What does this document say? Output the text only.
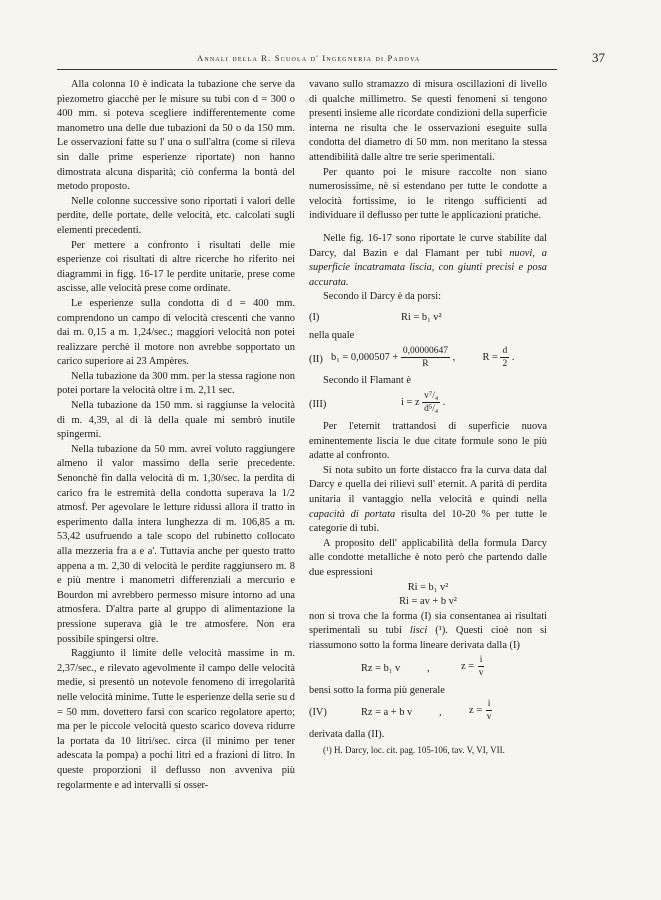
Annali della R. Scuola d' Ingegneria di Padova	37

Alla colonna 10 è indicata la tubazione che serve da piezometro giacchè per le misure su tubi con d = 300 o 400 mm. si poteva scegliere indifferentemente come manometro una delle due tubazioni da 50 o da 150 mm. Le osservazioni fatte su l' una o sull'altra (come si rileva sin dalle prime esperienze riportate) non hanno dimostrata alcuna disparità; ciò conferma la bontà del metodo proposto.

Nelle colonne successive sono riportati i valori delle perdite, delle portate, delle velocità, etc. calcolati sugli elementi precedenti.

Per mettere a confronto i risultati delle mie esperienze coi risultati di altre ricerche ho riferito nei diagrammi in figg. 16-17 le perdite unitarie, prese come ascisse, alle velocità prese come ordinate.

Le esperienze sulla condotta di d = 400 mm. comprendono un campo di velocità crescenti che vanno dai m. 0,15 a m. 1,24/sec.; maggiori velocità non potei realizzare perchè il motore non avrebbe sopportato un carico superiore ai 23 Ampères.

Nella tubazione da 300 mm. per la stessa ragione non potei portare la velocità oltre i m. 2,11 sec.

Nella tubazione da 150 mm. si raggiunse la velocità di m. 4,39, al di là della quale mi sembrò inutile spingermi.

Nella tubazione da 50 mm. avrei voluto raggiungere almeno il valor massimo della serie precedente. Senonchè fin dalla velocità di m. 1,30/sec. la perdita di carico fra le estremità della condotta superava la 1/2 atmosf. Per agevolare le letture ridussi allora il tratto in esperimento dalla intera lunghezza di m. 106,85 a m. 53,42 usufruendo a tale scopo del rubinetto collocato alla mezzeria fra a e a'. Tuttavia anche per questo tratto appena a m. 2,30 di velocità le perdite raggiunsero m. 8 e più mentre i manometri differenziali a mercurio e Bourdon mi avrebbero permesso misure intorno ad una atmosfera. D'altra parte al gruppo di alimentazione la pressione superava già le tre atmosfere. Non era possibile spingersi oltre.

Raggiunto il limite delle velocità massime in m. 2,37/sec., e rilevato agevolmente il campo delle velocità medie, si presentò un notevole fenomeno di irregolarità nelle velocità minime. Tutte le esperienze della serie su d = 50 mm. dovettero farsi con scarico regolatore aperto; ma per le piccole velocità questo scarico doveva ridurre la portata da 10 litri/sec. circa (il minimo per tener adescata la pompa) a pochi litri ed a frazioni di litro. In queste proporzioni il deflusso non avveniva più regolarmente e ad intervalli si osser-

vavano sullo stramazzo di misura oscillazioni di livello di qualche millimetro. Se questi fenomeni si tengono presenti insieme alle ricordate condizioni della superficie interna ne risulta che le osservazioni eseguite sulla condotta del diametro di 50 mm. non meritano la stessa attendibilità dalle altre tre serie sperimentali.

Per quanto poi le misure raccolte non siano numerosissime, nè si estendano per tutte le condotte a velocità fortissime, io le ritengo sufficienti ad individuare il deflusso per tutte le applicazioni pratiche.

Nelle fig. 16-17 sono riportate le curve stabilite dal Darcy, dal Bazin e dal Flamant per tubi nuovi, a superficie incatramata liscia, con giunti precisi e posa accurata.

Secondo il Darcy è da porsi:

(I)	Ri = b₁ v²

nella quale

(II) $b_1 = 0,000507 + \frac{0,00000647}{R}$ ,	$R = \frac{d}{2}$ .

Secondo il Flamant è

(III)	i = z $\frac{\text{v⁷/₄}}{\text{d⁵/₄}}$ .

Per l'eternit trattandosi di superficie nuova eminentemente liscia le due citate formule sono le più adatte al confronto.

Si nota subito un forte distacco fra la curva data dal Darcy e quella dei rilievi sull' eternit. A parità di perdita unitaria il vantaggio nella velocità e quindi nella capacità di portata risulta del 10-20 % per tutte le categorie di tubi.

A proposito dell' applicabilità della formula Darcy alle condotte metalliche è noto però che partendo dalle due espressioni

Ri = b₁ v²

Ri = av + b v²

non si trova che la forma (I) sia consentanea ai risultati sperimentali su tubi lisci (¹). Questi cioè non si riassumono sotto la forma lineare derivata dalla (I)

Rz = b₁ v	,	$z = \frac{i}{v}$

bensì sotto la forma più generale

(IV)	Rz = a + b v	,	$z = \frac{i}{v}$

derivata dalla (II).

(¹) H. Darcy, loc. cit. pag. 105-106, tav. V, VI, VII.
